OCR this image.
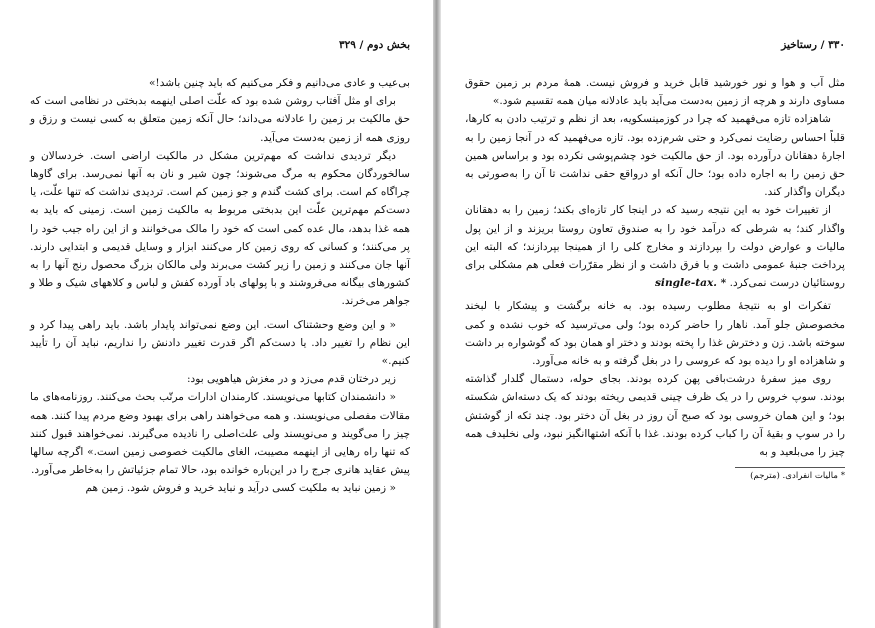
بخش دوم / ۳۲۹

بی‌عیب و عادی می‌دانیم و فکر می‌کنیم که باید چنین باشد!»

برای او مثل آفتاب روشن شده بود که علّت اصلی اینهمه بدبختی در نظامی است که حق مالکیت بر زمین را عادلانه می‌داند؛ حال آنکه زمین متعلق به کسی نیست و رزق و روزی همه از زمین به‌دست می‌آید.

دیگر تردیدی نداشت که مهم‌ترین مشکل در مالکیت اراضی است. خردسالان و سالخوردگان محکوم به مرگ می‌شوند؛ چون شیر و نان به آنها نمی‌رسد. برای گاوها چراگاه کم است. برای کشت گندم و جو زمین کم است. تردیدی نداشت که تنها علّت، یا دست‌کم مهم‌ترین علّت این بدبختی مربوط به مالکیت زمین است. زمینی که باید به همه غذا بدهد، مال عده کمی است که خود را مالک می‌خوانند و از این راه جیب خود را پر می‌کنند؛ و کسانی که روی زمین کار می‌کنند ابزار و وسایل قدیمی و ابتدایی دارند. آنها جان می‌کنند و زمین را زیر کشت می‌برند ولی مالکان بزرگ محصول رنج آنها را به کشورهای بیگانه می‌فروشند و با پولهای باد آورده کفش و لباس و کلاههای شیک و طلا و جواهر می‌خرند.

« و این وضع وحشتناک است. این وضع نمی‌تواند پایدار باشد. باید راهی پیدا کرد و این نظام را تغییر داد. یا دست‌کم اگر قدرت تغییر دادنش را نداریم، نباید آن را تأیید کنیم.»

زیر درختان قدم می‌زد و در مغزش هیاهویی بود:

« دانشمندان کتابها می‌نویسند. کارمندان ادارات مرتّب بحث می‌کنند. روزنامه‌های ما مقالات مفصلی می‌نویسند. و همه می‌خواهند راهی برای بهبود وضع مردم پیدا کنند. همه چیز را می‌گویند و می‌نویسند ولی علت‌اصلی را نادیده می‌گیرند. نمی‌خواهند قبول کنند که تنها راه رهایی از اینهمه مصیبت، الغای مالکیت خصوصی زمین است.» اگرچه سالها پیش عقاید هانری جرج را در این‌باره خوانده بود، حالا تمام جزئیاتش را به‌خاطر می‌آورد.

« زمین نباید به ملکیت کسی درآید و نباید خرید و فروش شود. زمین هم

۳۳۰ / رستاخیز

مثل آب و هوا و نور خورشید قابل خرید و فروش نیست. همهٔ مردم بر زمین حقوق مساوی دارند و هرچه از زمین به‌دست می‌آید باید عادلانه میان همه تقسیم شود.»

شاهزاده تازه می‌فهمید که چرا در کوزمینسکویه، بعد از نظم و ترتیب دادن به کارها، قلباً احساس رضایت نمی‌کرد و حتی شرم‌زده بود. تازه می‌فهمید که در آنجا زمین را به اجارهٔ دهقانان درآورده بود. از حق مالکیت خود چشم‌پوشی نکرده بود و براساس همین حق زمین را به اجاره داده بود؛ حال آنکه او درواقع حقی نداشت تا آن را به‌صورتی به دیگران واگذار کند.

از تغییرات خود به این نتیجه رسید که در اینجا کار تازه‌ای بکند؛ زمین را به دهقانان واگذار کند؛ به شرطی که درآمد خود را به صندوق تعاون روستا بریزند و از این پول مالیات و عوارض دولت را بپردازند و مخارج کلی را از همینجا بپردازند؛ که البته این پرداخت جنبهٔ عمومی داشت و با فرق داشت و از نظر مقرّرات فعلی هم مشکلی برای روستائیان درست نمی‌کرد. single-tax. *

تفکرات او به نتیجهٔ مطلوب رسیده بود. به خانه برگشت و پیشکار با لبخند مخصوصش جلو آمد. ناهار را حاضر کرده بود؛ ولی می‌ترسید که خوب نشده و کمی سوخته باشد. زن و دخترش غذا را پخته بودند و دختر او همان بود که گوشواره بر داشت و شاهزاده او را دیده بود که عروسی را در بغل گرفته و به خانه می‌آورد.

روی میز سفرهٔ درشت‌بافی پهن کرده بودند. بجای حوله، دستمال گلدار گذاشته بودند. سوپ خروس را در یک ظرف چینی قدیمی ریخته بودند که یک دسته‌اش شکسته بود؛ و این همان خروسی بود که صبح آن روز در بغل آن دختر بود. چند تکه از گوشتش را در سوپ و بقیهٔ آن را کباب کرده بودند. غذا با آنکه اشتهاانگیز نبود، ولی نخلیدف همه چیز را می‌بلعید و به

* مالیات انفرادی. (مترجم)
